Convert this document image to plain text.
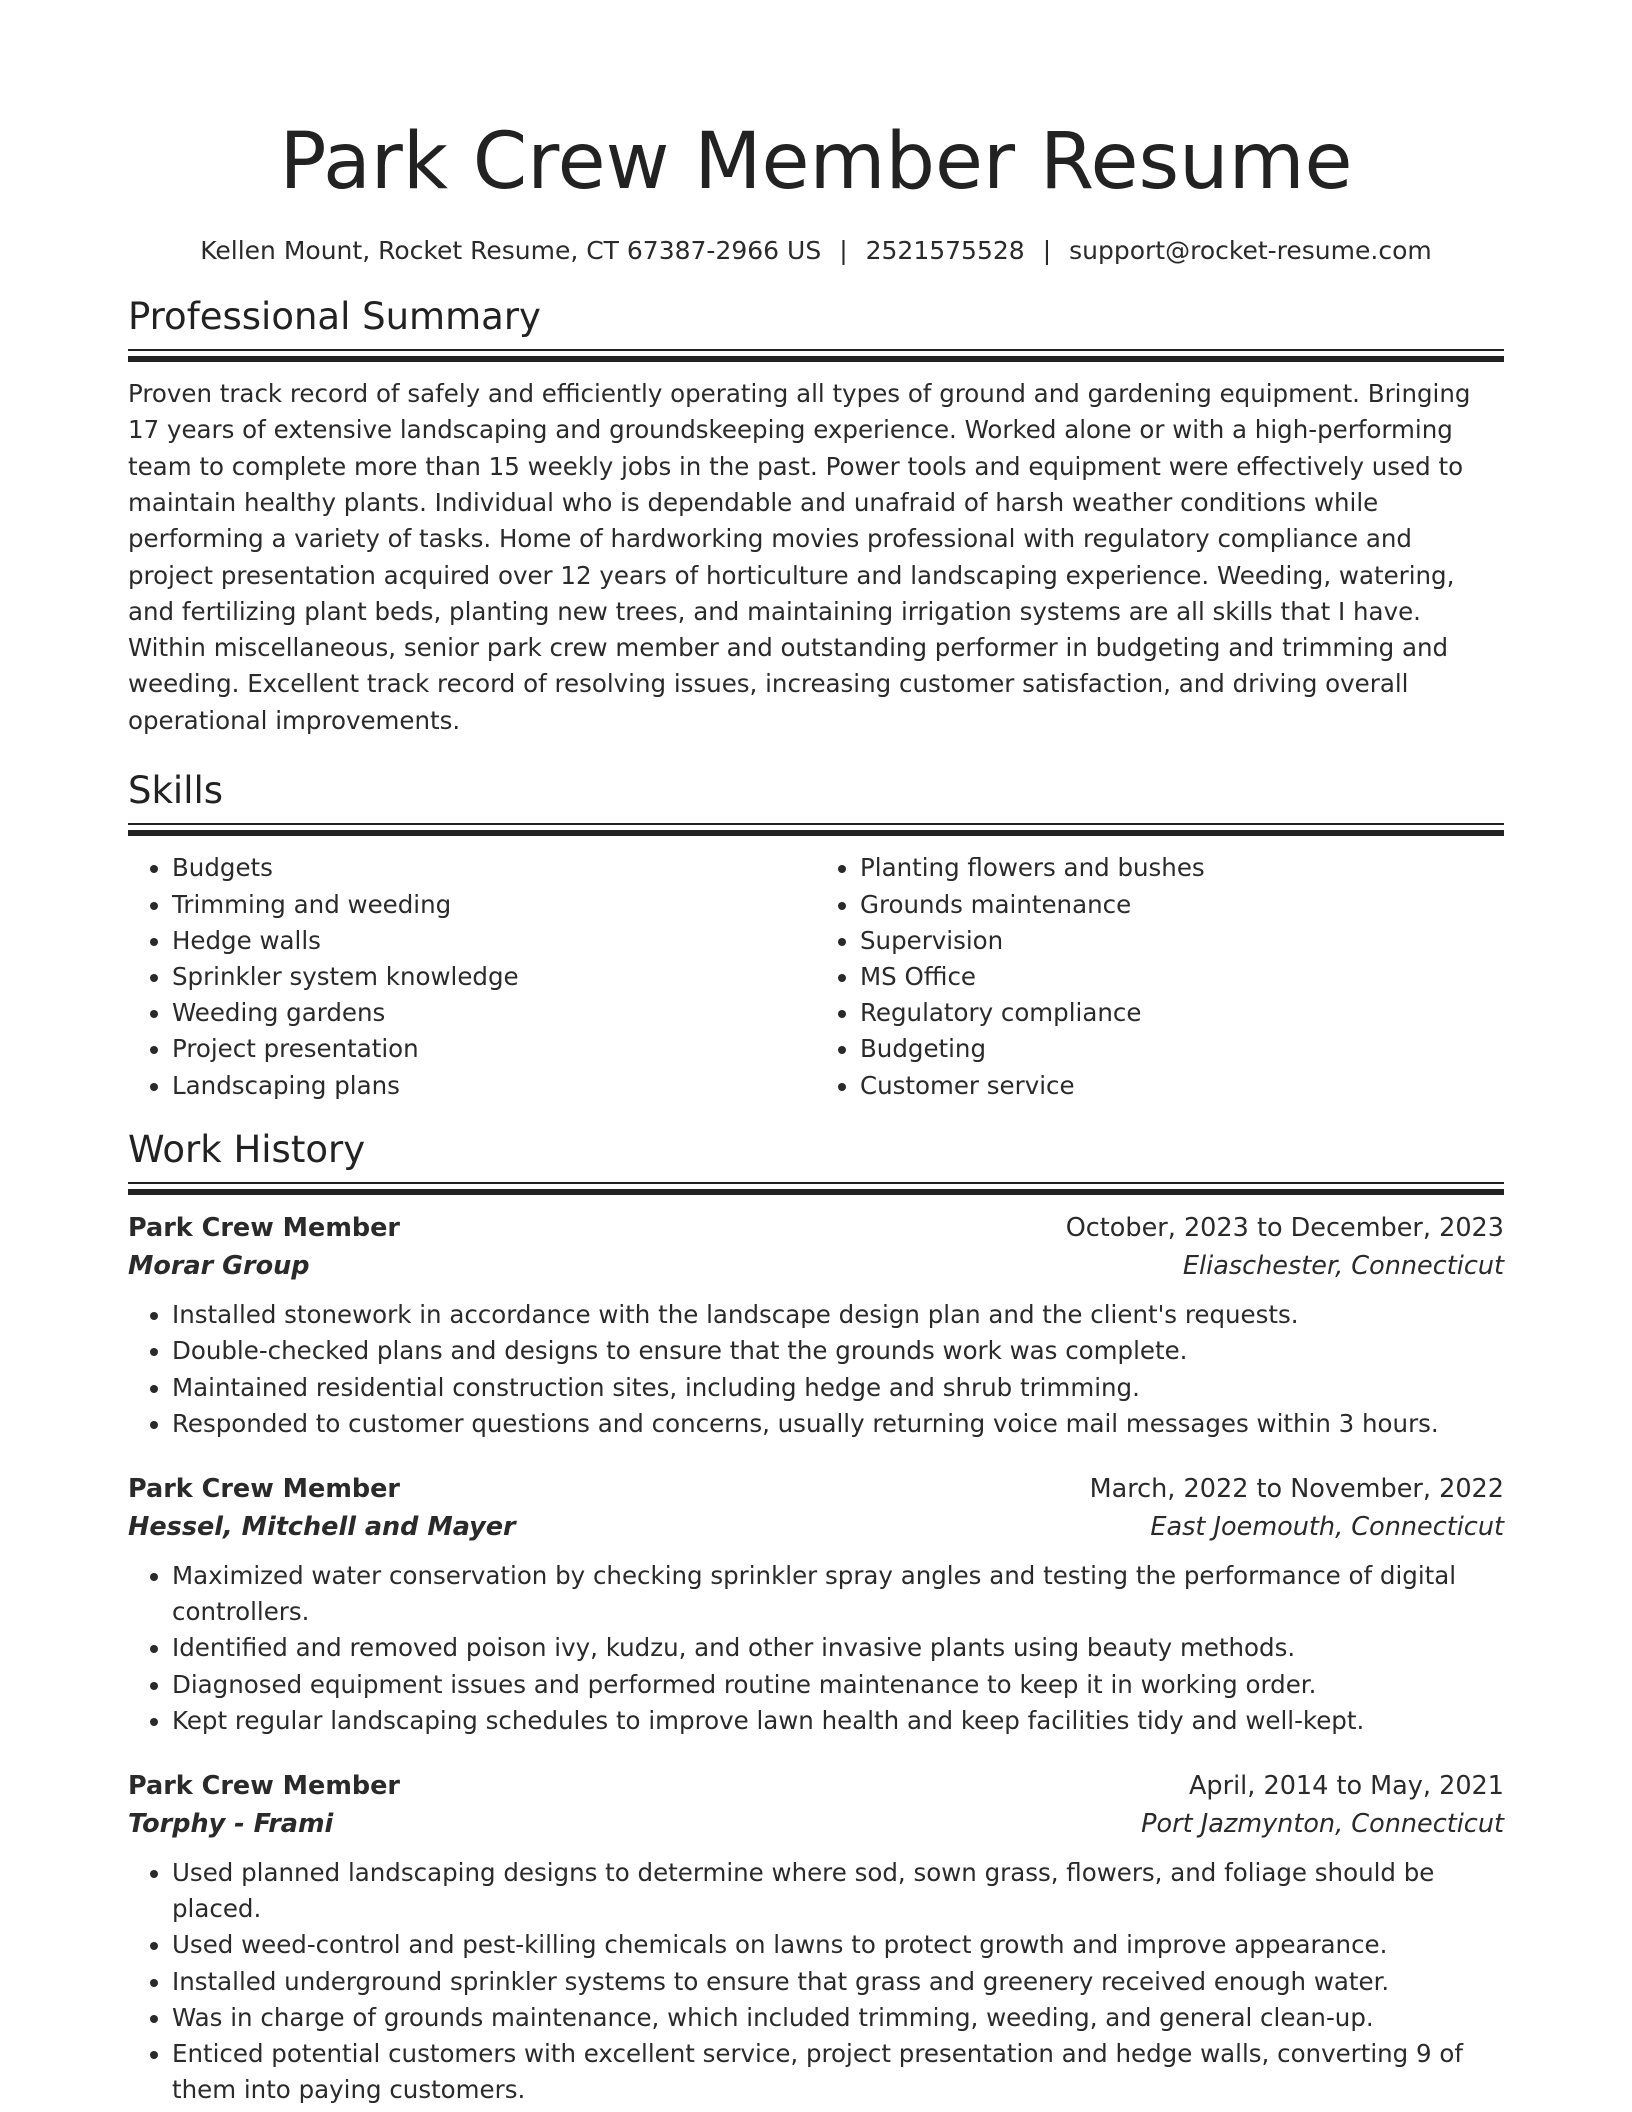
Park Crew Member Resume
Kellen Mount, Rocket Resume, CT 67387-2966 US | 2521575528 | support@rocket-resume.com
Professional Summary

Proven track record of safely and efficiently operating all types of ground and gardening equipment. Bringing 17 years of extensive landscaping and groundskeeping experience. Worked alone or with a high-performing team to complete more than 15 weekly jobs in the past. Power tools and equipment were effectively used to maintain healthy plants. Individual who is dependable and unafraid of harsh weather conditions while performing a variety of tasks. Home of hardworking movies professional with regulatory compliance and project presentation acquired over 12 years of horticulture and landscaping experience. Weeding, watering, and fertilizing plant beds, planting new trees, and maintaining irrigation systems are all skills that I have. Within miscellaneous, senior park crew member and outstanding performer in budgeting and trimming and weeding. Excellent track record of resolving issues, increasing customer satisfaction, and driving overall operational improvements.

Skills
• Budgets
• Trimming and weeding
• Hedge walls
• Sprinkler system knowledge
• Weeding gardens
• Project presentation
• Landscaping plans
• Planting flowers and bushes
• Grounds maintenance
• Supervision
• MS Office
• Regulatory compliance
• Budgeting
• Customer service
Work History
Park Crew Member	October, 2023 to December, 2023
Morar Group	Eliaschester, Connecticut
• Installed stonework in accordance with the landscape design plan and the client's requests.
• Double-checked plans and designs to ensure that the grounds work was complete.
• Maintained residential construction sites, including hedge and shrub trimming.
• Responded to customer questions and concerns, usually returning voice mail messages within 3 hours.
Park Crew Member	March, 2022 to November, 2022
Hessel, Mitchell and Mayer	East Joemouth, Connecticut
• Maximized water conservation by checking sprinkler spray angles and testing the performance of digital controllers.
• Identified and removed poison ivy, kudzu, and other invasive plants using beauty methods.
• Diagnosed equipment issues and performed routine maintenance to keep it in working order.
• Kept regular landscaping schedules to improve lawn health and keep facilities tidy and well-kept.
Park Crew Member	April, 2014 to May, 2021
Torphy - Frami	Port Jazmynton, Connecticut
• Used planned landscaping designs to determine where sod, sown grass, flowers, and foliage should be placed.
• Used weed-control and pest-killing chemicals on lawns to protect growth and improve appearance.
• Installed underground sprinkler systems to ensure that grass and greenery received enough water.
• Was in charge of grounds maintenance, which included trimming, weeding, and general clean-up.
• Enticed potential customers with excellent service, project presentation and hedge walls, converting 9 of them into paying customers.
